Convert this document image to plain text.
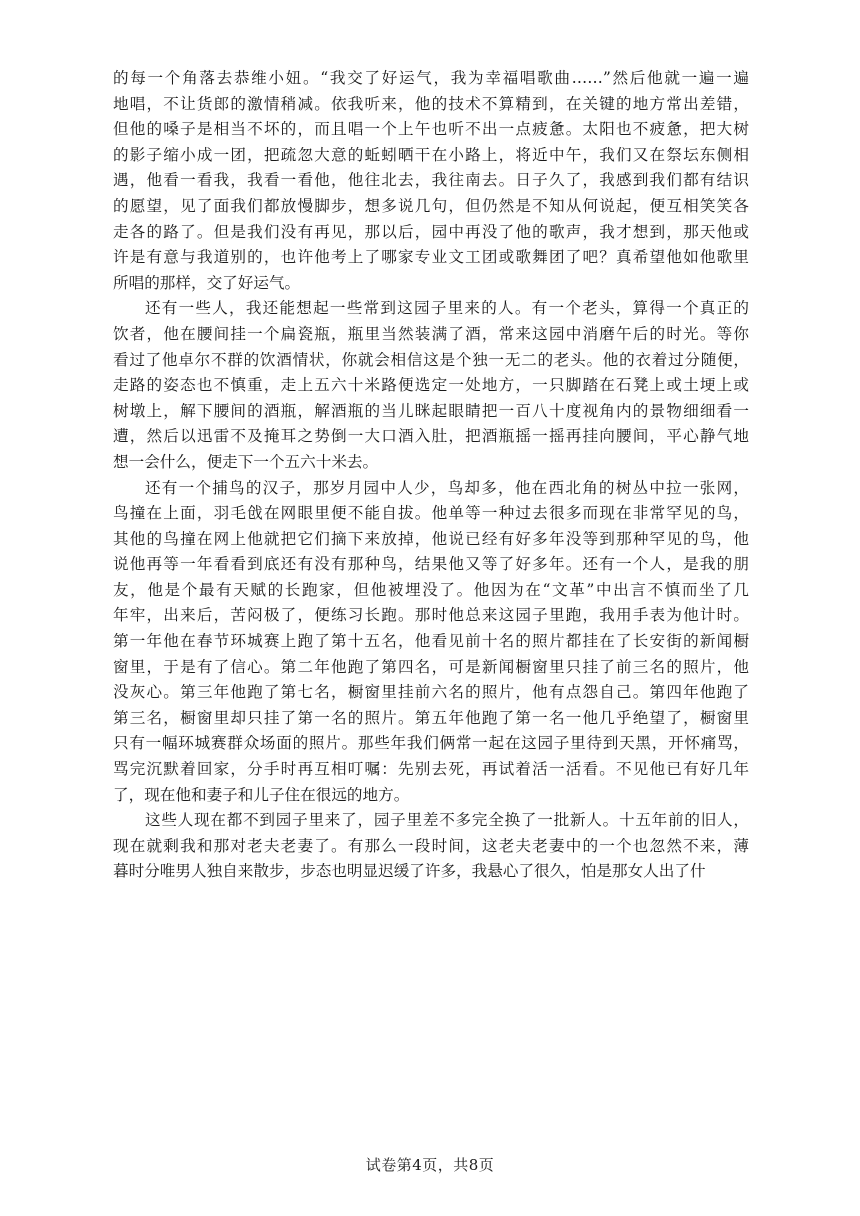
的每一个角落去恭维小妞。“我交了好运气，我为幸福唱歌曲……”然后他就一遍一遍
地唱，不让货郎的激情稍减。依我听来，他的技术不算精到，在关键的地方常出差错，
但他的嗓子是相当不坏的，而且唱一个上午也听不出一点疲惫。太阳也不疲惫，把大树
的影子缩小成一团，把疏忽大意的蚯蚓晒干在小路上，将近中午，我们又在祭坛东侧相
遇，他看一看我，我看一看他，他往北去，我往南去。日子久了，我感到我们都有结识
的愿望，见了面我们都放慢脚步，想多说几句，但仍然是不知从何说起，便互相笑笑各
走各的路了。但是我们没有再见，那以后，园中再没了他的歌声，我才想到，那天他或
许是有意与我道别的，也许他考上了哪家专业文工团或歌舞团了吧？真希望他如他歌里
所唱的那样，交了好运气。
还有一些人，我还能想起一些常到这园子里来的人。有一个老头，算得一个真正的
饮者，他在腰间挂一个扁瓷瓶，瓶里当然装满了酒，常来这园中消磨午后的时光。等你
看过了他卓尔不群的饮酒情状，你就会相信这是个独一无二的老头。他的衣着过分随便，
走路的姿态也不慎重，走上五六十米路便选定一处地方，一只脚踏在石凳上或土埂上或
树墩上，解下腰间的酒瓶，解酒瓶的当儿眯起眼睛把一百八十度视角内的景物细细看一
遭，然后以迅雷不及掩耳之势倒一大口酒入肚，把酒瓶摇一摇再挂向腰间，平心静气地
想一会什么，便走下一个五六十米去。
还有一个捕鸟的汉子，那岁月园中人少，鸟却多，他在西北角的树丛中拉一张网，
鸟撞在上面，羽毛戗在网眼里便不能自拔。他单等一种过去很多而现在非常罕见的鸟，
其他的鸟撞在网上他就把它们摘下来放掉，他说已经有好多年没等到那种罕见的鸟，他
说他再等一年看看到底还有没有那种鸟，结果他又等了好多年。还有一个人，是我的朋
友，他是个最有天赋的长跑家，但他被埋没了。他因为在“文革”中出言不慎而坐了几
年牢，出来后，苦闷极了，便练习长跑。那时他总来这园子里跑，我用手表为他计时。
第一年他在春节环城赛上跑了第十五名，他看见前十名的照片都挂在了长安街的新闻橱
窗里，于是有了信心。第二年他跑了第四名，可是新闻橱窗里只挂了前三名的照片，他
没灰心。第三年他跑了第七名，橱窗里挂前六名的照片，他有点怨自己。第四年他跑了
第三名，橱窗里却只挂了第一名的照片。第五年他跑了第一名一他几乎绝望了，橱窗里
只有一幅环城赛群众场面的照片。那些年我们俩常一起在这园子里待到天黑，开怀痛骂，
骂完沉默着回家，分手时再互相叮嘱：先别去死，再试着活一活看。不见他已有好几年
了，现在他和妻子和儿子住在很远的地方。
这些人现在都不到园子里来了，园子里差不多完全换了一批新人。十五年前的旧人，
现在就剩我和那对老夫老妻了。有那么一段时间，这老夫老妻中的一个也忽然不来，薄
暮时分唯男人独自来散步，步态也明显迟缓了许多，我悬心了很久，怕是那女人出了什
试卷第4页，共8页
